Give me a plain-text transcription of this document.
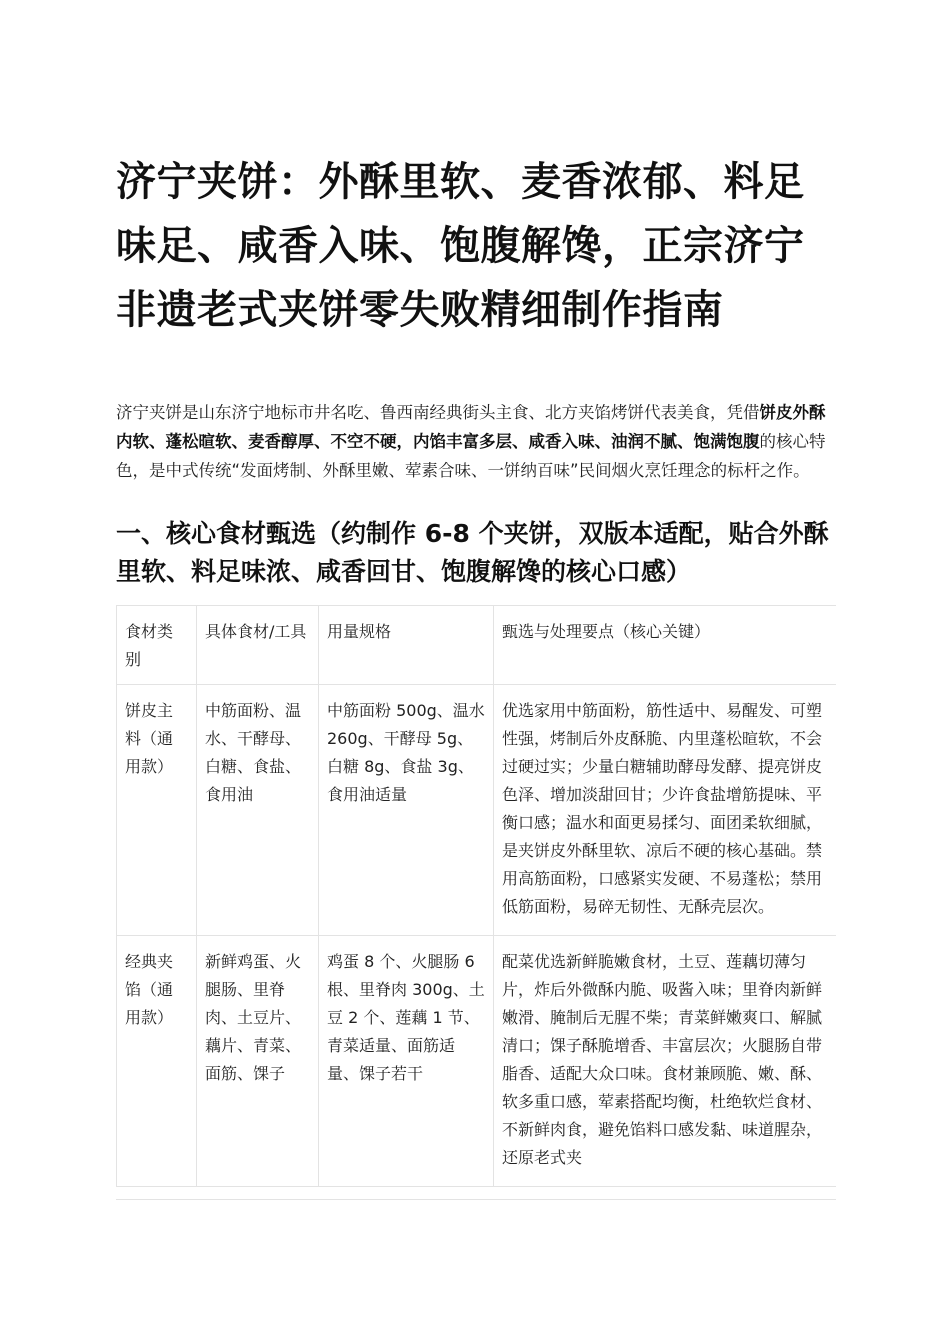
济宁夹饼：外酥里软、麦香浓郁、料足味足、咸香入味、饱腹解馋，正宗济宁非遗老式夹饼零失败精细制作指南

济宁夹饼是山东济宁地标市井名吃、鲁西南经典街头主食、北方夹馅烤饼代表美食，凭借饼皮外酥内软、蓬松暄软、麦香醇厚、不空不硬，内馅丰富多层、咸香入味、油润不腻、饱满饱腹的核心特色，是中式传统“发面烤制、外酥里嫩、荤素合味、一饼纳百味”民间烟火烹饪理念的标杆之作。

一、核心食材甄选（约制作 6-8 个夹饼，双版本适配，贴合外酥里软、料足味浓、咸香回甘、饱腹解馋的核心口感）
食材类别	具体食材/工具	用量规格	甄选与处理要点（核心关键）
饼皮主料（通用款）	中筋面粉、温水、干酵母、白糖、食盐、食用油	中筋面粉 500g、温水 260g、干酵母 5g、白糖 8g、食盐 3g、食用油适量	优选家用中筋面粉，筋性适中、易醒发、可塑性强，烤制后外皮酥脆、内里蓬松暄软，不会过硬过实；少量白糖辅助酵母发酵、提亮饼皮色泽、增加淡甜回甘；少许食盐增筋提味、平衡口感；温水和面更易揉匀、面团柔软细腻，是夹饼皮外酥里软、凉后不硬的核心基础。禁用高筋面粉，口感紧实发硬、不易蓬松；禁用低筋面粉，易碎无韧性、无酥壳层次。
经典夹馅（通用款）	新鲜鸡蛋、火腿肠、里脊肉、土豆片、藕片、青菜、面筋、馃子	鸡蛋 8 个、火腿肠 6 根、里脊肉 300g、土豆 2 个、莲藕 1 节、青菜适量、面筋适量、馃子若干	配菜优选新鲜脆嫩食材，土豆、莲藕切薄匀片，炸后外微酥内脆、吸酱入味；里脊肉新鲜嫩滑、腌制后无腥不柴；青菜鲜嫩爽口、解腻清口；馃子酥脆增香、丰富层次；火腿肠自带脂香、适配大众口味。食材兼顾脆、嫩、酥、软多重口感，荤素搭配均衡，杜绝软烂食材、不新鲜肉食，避免馅料口感发黏、味道腥杂，还原老式夹
